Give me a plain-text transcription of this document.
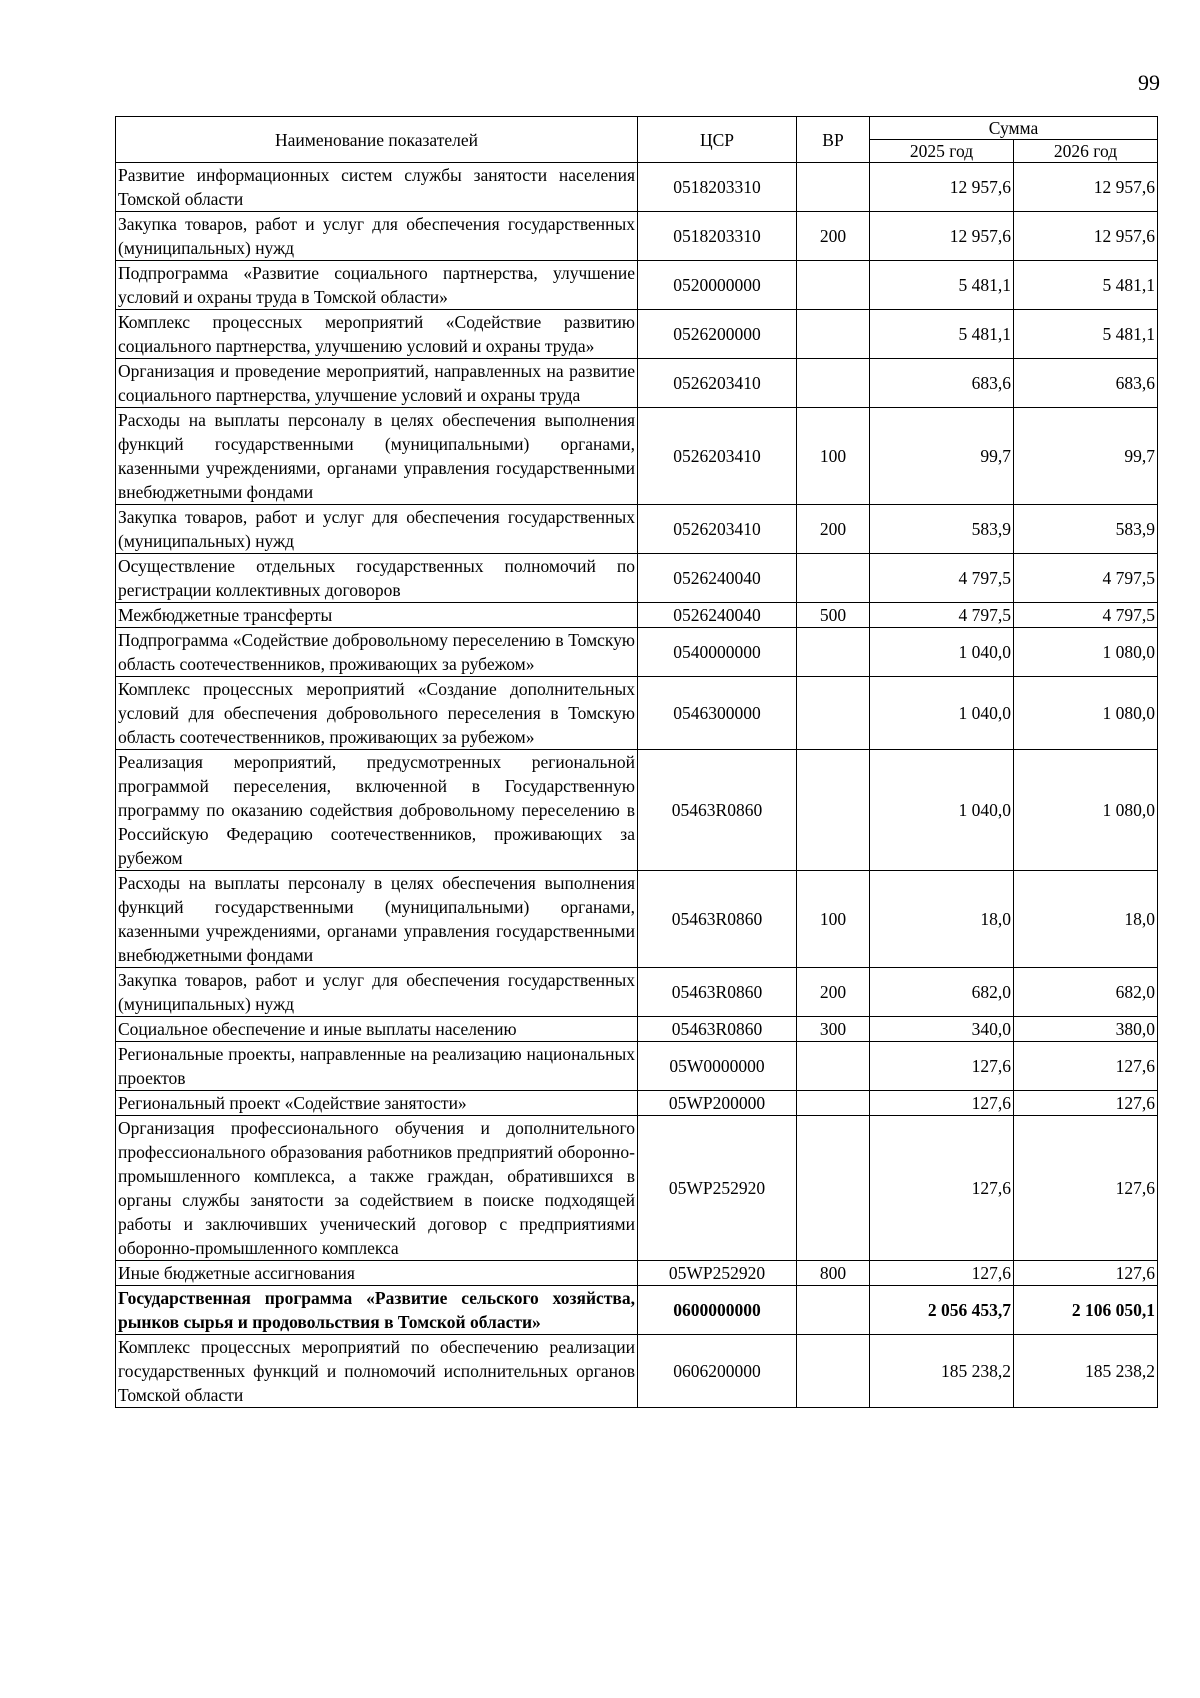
99
Наименование показателей	ЦСР	ВР	Сумма	
			2025 год	2026 год
Развитие информационных систем службы занятости населения Томской области	0518203310		12 957,6	12 957,6
Закупка товаров, работ и услуг для обеспечения государственных (муниципальных) нужд	0518203310	200	12 957,6	12 957,6
Подпрограмма «Развитие социального партнерства, улучшение условий и охраны труда в Томской области»	0520000000		5 481,1	5 481,1
Комплекс процессных мероприятий «Содействие развитию социального партнерства, улучшению условий и охраны труда»	0526200000		5 481,1	5 481,1
Организация и проведение мероприятий, направленных на развитие социального партнерства, улучшение условий и охраны труда	0526203410		683,6	683,6
Расходы на выплаты персоналу в целях обеспечения выполнения функций государственными (муниципальными) органами, казенными учреждениями, органами управления государственными внебюджетными фондами	0526203410	100	99,7	99,7
Закупка товаров, работ и услуг для обеспечения государственных (муниципальных) нужд	0526203410	200	583,9	583,9
Осуществление отдельных государственных полномочий по регистрации коллективных договоров	0526240040		4 797,5	4 797,5
Межбюджетные трансферты	0526240040	500	4 797,5	4 797,5
Подпрограмма «Содействие добровольному переселению в Томскую область соотечественников, проживающих за рубежом»	0540000000		1 040,0	1 080,0
Комплекс процессных мероприятий «Создание дополнительных условий для обеспечения добровольного переселения в Томскую область соотечественников, проживающих за рубежом»	0546300000		1 040,0	1 080,0
Реализация мероприятий, предусмотренных региональной программой переселения, включенной в Государственную программу по оказанию содействия добровольному переселению в Российскую Федерацию соотечественников, проживающих за рубежом	05463R0860		1 040,0	1 080,0
Расходы на выплаты персоналу в целях обеспечения выполнения функций государственными (муниципальными) органами, казенными учреждениями, органами управления государственными внебюджетными фондами	05463R0860	100	18,0	18,0
Закупка товаров, работ и услуг для обеспечения государственных (муниципальных) нужд	05463R0860	200	682,0	682,0
Социальное обеспечение и иные выплаты населению	05463R0860	300	340,0	380,0
Региональные проекты, направленные на реализацию национальных проектов	05W0000000		127,6	127,6
Региональный проект «Содействие занятости»	05WP200000		127,6	127,6
Организация профессионального обучения и дополнительного профессионального образования работников предприятий оборонно-промышленного комплекса, а также граждан, обратившихся в органы службы занятости за содействием в поиске подходящей работы и заключивших ученический договор с предприятиями оборонно-промышленного комплекса	05WP252920		127,6	127,6
Иные бюджетные ассигнования	05WP252920	800	127,6	127,6
Государственная программа «Развитие сельского хозяйства, рынков сырья и продовольствия в Томской области»	0600000000		2 056 453,7	2 106 050,1
Комплекс процессных мероприятий по обеспечению реализации государственных функций и полномочий исполнительных органов Томской области	0606200000		185 238,2	185 238,2
